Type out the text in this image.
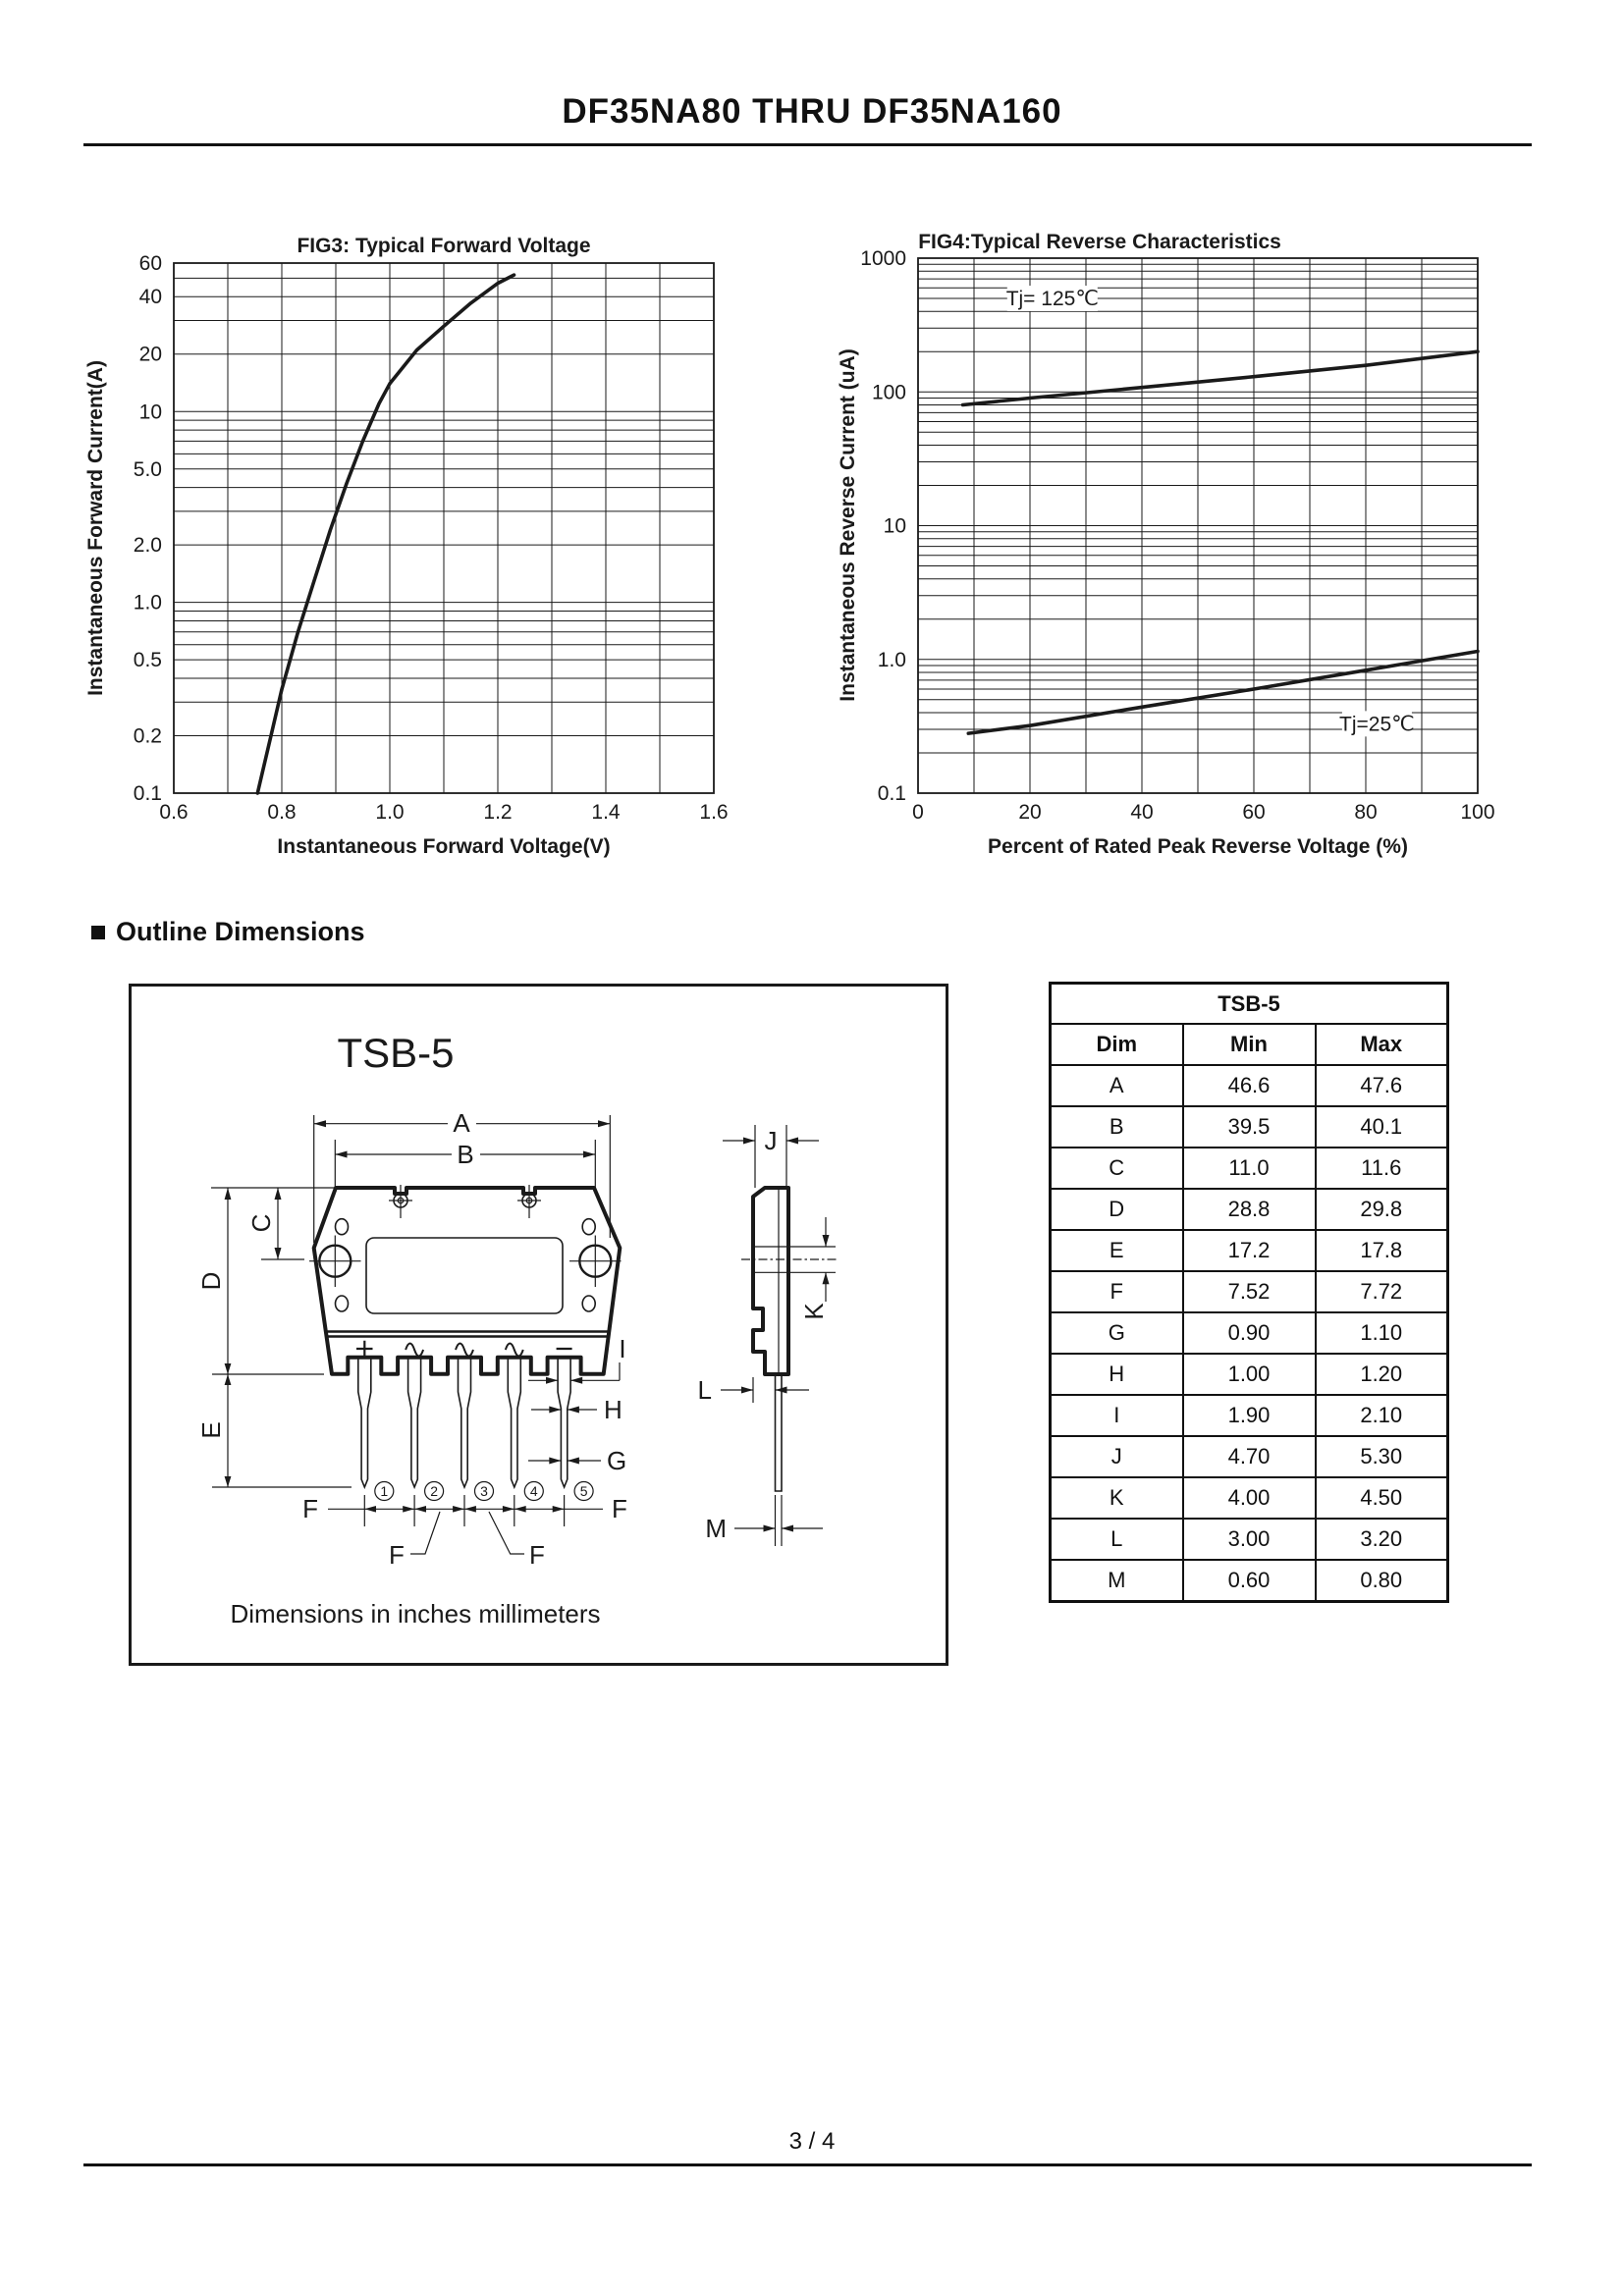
DF35NA80 THRU DF35NA160
FIG3: Typical Forward Voltage
60
40
20
10
5.0
2.0
1.0
0.5
0.2
0.1
0.6	0.8	1.0	1.2	1.4	1.6
Instantaneous Forward Voltage(V)
Instantaneous Forward Current(A)
FIG4:Typical Reverse Characteristics
1000
100
10
1.0
0.1
0	20	40	60	80	100
Tj= 125℃
Tj=25℃
Percent of Rated Peak Reverse Voltage (%)
Instantaneous Reverse Current (uA)
Outline Dimensions
TSB-5
1	2	3	4	5
A
B
C
D
E
F	F
F	F
G
H
I
J
K
L
M
Dimensions in inches millimeters
TSB-5		
Dim	Min	Max
A	46.6	47.6
B	39.5	40.1
C	11.0	11.6
D	28.8	29.8
E	17.2	17.8
F	7.52	7.72
G	0.90	1.10
H	1.00	1.20
I	1.90	2.10
J	4.70	5.30
K	4.00	4.50
L	3.00	3.20
M	0.60	0.80
3 / 4
